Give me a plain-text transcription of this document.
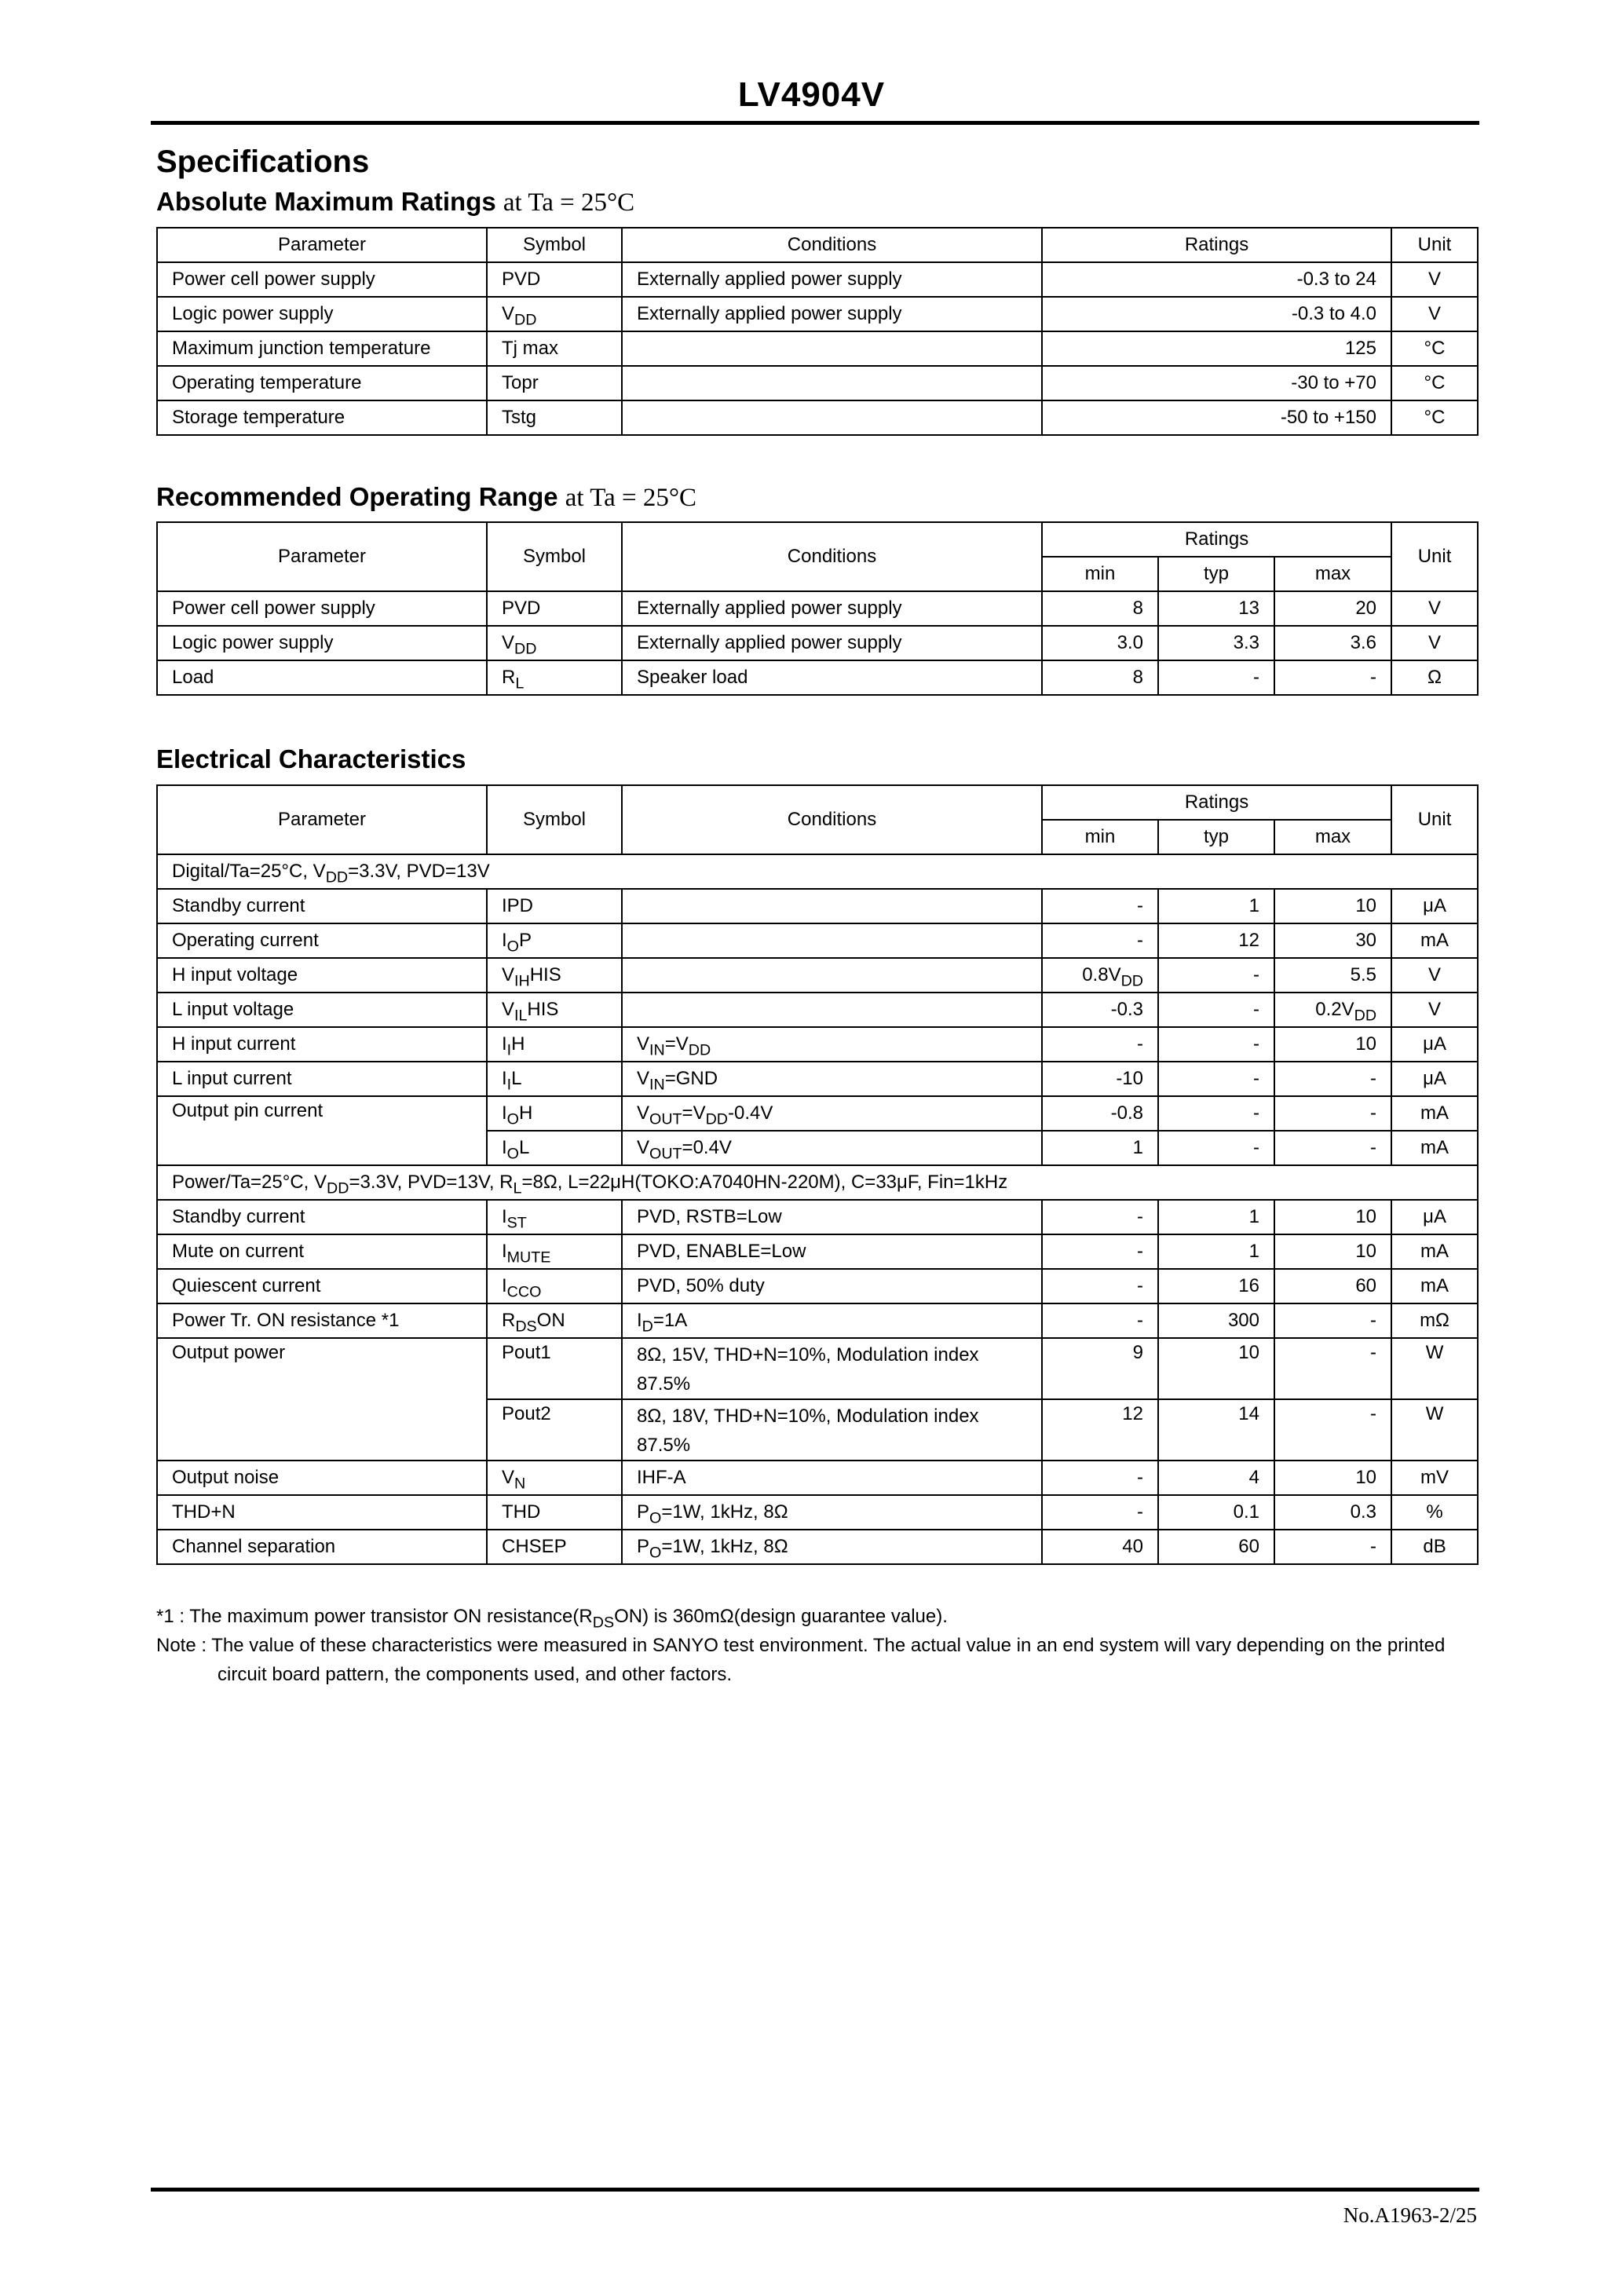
LV4904V
Specifications
Absolute Maximum Ratings at Ta = 25°C
Parameter	Symbol	Conditions	Ratings	Unit
Power cell power supply	PVD	Externally applied power supply	-0.3 to 24	V
Logic power supply	$V_{DD}$	Externally applied power supply	-0.3 to 4.0	V
Maximum junction temperature	Tj max		125	°C
Operating temperature	Topr		-30 to +70	°C
Storage temperature	Tstg		-50 to +150	°C
Recommended Operating Range at Ta = 25°C
Parameter	Symbol	Conditions	Ratings			Unit
			min	typ	max	
Power cell power supply	PVD	Externally applied power supply	8	13	20	V
Logic power supply	$V_{DD}$	Externally applied power supply	3.0	3.3	3.6	V
Load	$R_L$	Speaker load	8	-	-	Ω
Electrical Characteristics
Parameter	Symbol	Conditions	Ratings			Unit
			min	typ	max	
Digital/Ta=25°C, $V_{DD}=3.3V$, PVD=13V						
Standby current	IPD		-	1	10	μA
Operating current	$I_OP$		-	12	30	mA
H input voltage	$V_{IH}HIS$		$0.8V_{DD}$	-	5.5	V
L input voltage	$V_{IL}HIS$		-0.3	-	$0.2V_{DD}$	V
H input current	$I_IH$	$V_{IN}=V_{DD}$	-	-	10	μA
L input current	$I_IL$	$V_{IN}=GND$	-10	-	-	μA
Output pin current	$I_OH$	$V_{OUT}=V_{DD}-0.4V$	-0.8	-	-	mA
	$I_OL$	$V_{OUT}=0.4V$	1	-	-	mA
Power/Ta=25°C, $V_{DD}=3.3V$, PVD=13V, $R_L=8\Omega$, L=22μH(TOKO:A7040HN-220M), C=33μF, Fin=1kHz						
Standby current	$I_{ST}$	PVD, RSTB=Low	-	1	10	μA
Mute on current	$I_{MUTE}$	PVD, ENABLE=Low	-	1	10	mA
Quiescent current	$I_{CCO}$	PVD, 50% duty	-	16	60	mA
Power Tr. ON resistance *1	$R_{DS}ON$	$I_D=1A$	-	300	-	mΩ
Output power	Pout1	8Ω, 15V, THD+N=10%, Modulation index 87.5%	9	10	-	W
	Pout2	8Ω, 18V, THD+N=10%, Modulation index 87.5%	12	14	-	W
Output noise	$V_N$	IHF-A	-	4	10	mV
THD+N	THD	$P_O=1W$, 1kHz, 8Ω	-	0.1	0.3	%
Channel separation	CHSEP	$P_O=1W$, 1kHz, 8Ω	40	60	-	dB
*1 : The maximum power transistor ON $resistance(R_{DS}ON)$ is 360mΩ(design guarantee value).
Note : The value of these characteristics were measured in SANYO test environment. The actual value in an end system will vary depending on the printed
circuit board pattern, the components used, and other factors.
No.A1963-2/25
